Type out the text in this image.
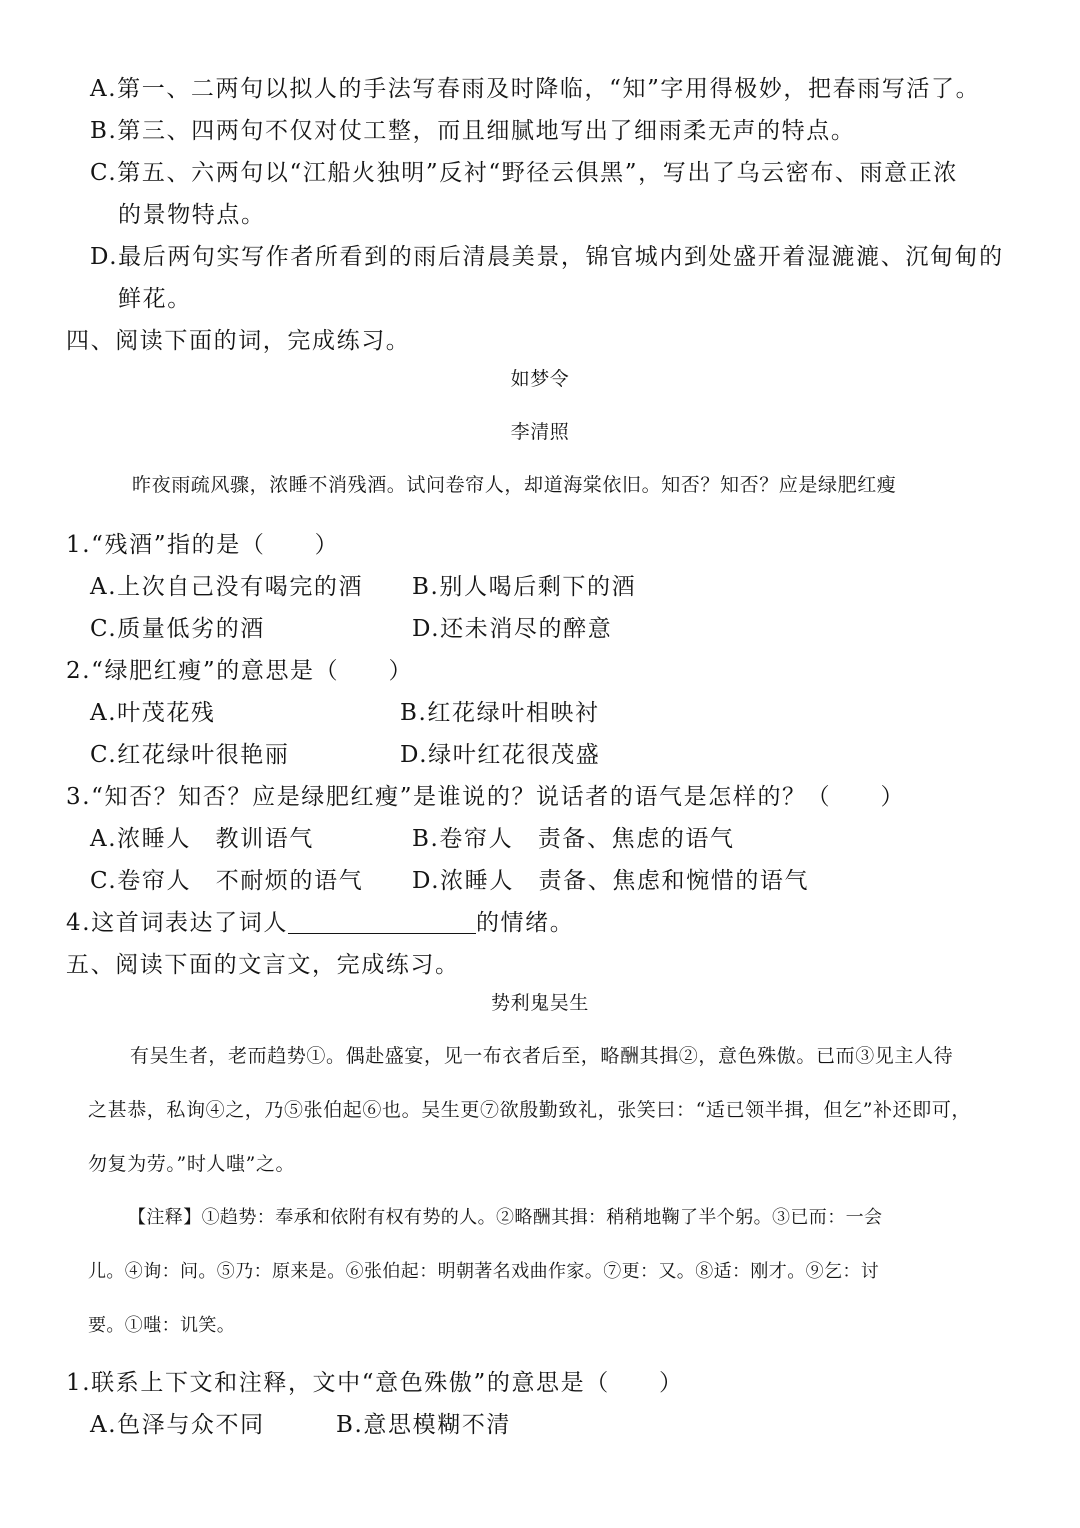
A.第一、二两句以拟人的手法写春雨及时降临，“知”字用得极妙，把春雨写活了。
B.第三、四两句不仅对仗工整，而且细腻地写出了细雨柔无声的特点。
C.第五、六两句以“江船火独明”反衬“野径云俱黑”，写出了乌云密布、雨意正浓
的景物特点。
D.最后两句实写作者所看到的雨后清晨美景，锦官城内到处盛开着湿漉漉、沉甸甸的
鲜花。
四、阅读下面的词，完成练习。
如梦令
李清照
昨夜雨疏风骤，浓睡不消残酒。试问卷帘人，却道海棠依旧。知否？知否？应是绿肥红瘦
1.“残酒”指的是（　　）
A.上次自己没有喝完的酒 B.别人喝后剩下的酒
C.质量低劣的酒	D.还未消尽的醉意
2.“绿肥红瘦”的意思是（　　）
A.叶茂花残	B.红花绿叶相映衬
C.红花绿叶很艳丽	D.绿叶红花很茂盛
3.“知否？知否？应是绿肥红瘦”是谁说的？说话者的语气是怎样的？（　　）
A.浓睡人　教训语气	B.卷帘人　责备、焦虑的语气
C.卷帘人　不耐烦的语气 D.浓睡人　责备、焦虑和惋惜的语气
4.这首词表达了词人	的情绪。
五、阅读下面的文言文，完成练习。
势利鬼吴生
有吴生者，老而趋势①。偶赴盛宴，见一布衣者后至，略酬其揖②，意色殊傲。已而③见主人待
之甚恭，私询④之，乃⑤张伯起⑥也。吴生更⑦欲殷勤致礼，张笑曰：“适已领半揖，但乞”补还即可，
勿复为劳。”时人嗤”之。
【注释】①趋势：奉承和依附有权有势的人。②略酬其揖：稍稍地鞠了半个躬。③已而：一会
儿。④询：问。⑤乃：原来是。⑥张伯起：明朝著名戏曲作家。⑦更：又。⑧适：刚才。⑨乞：讨
要。①嗤：讥笑。
1.联系上下文和注释，文中“意色殊傲”的意思是（　　）
A.色泽与众不同	B.意思模糊不清
